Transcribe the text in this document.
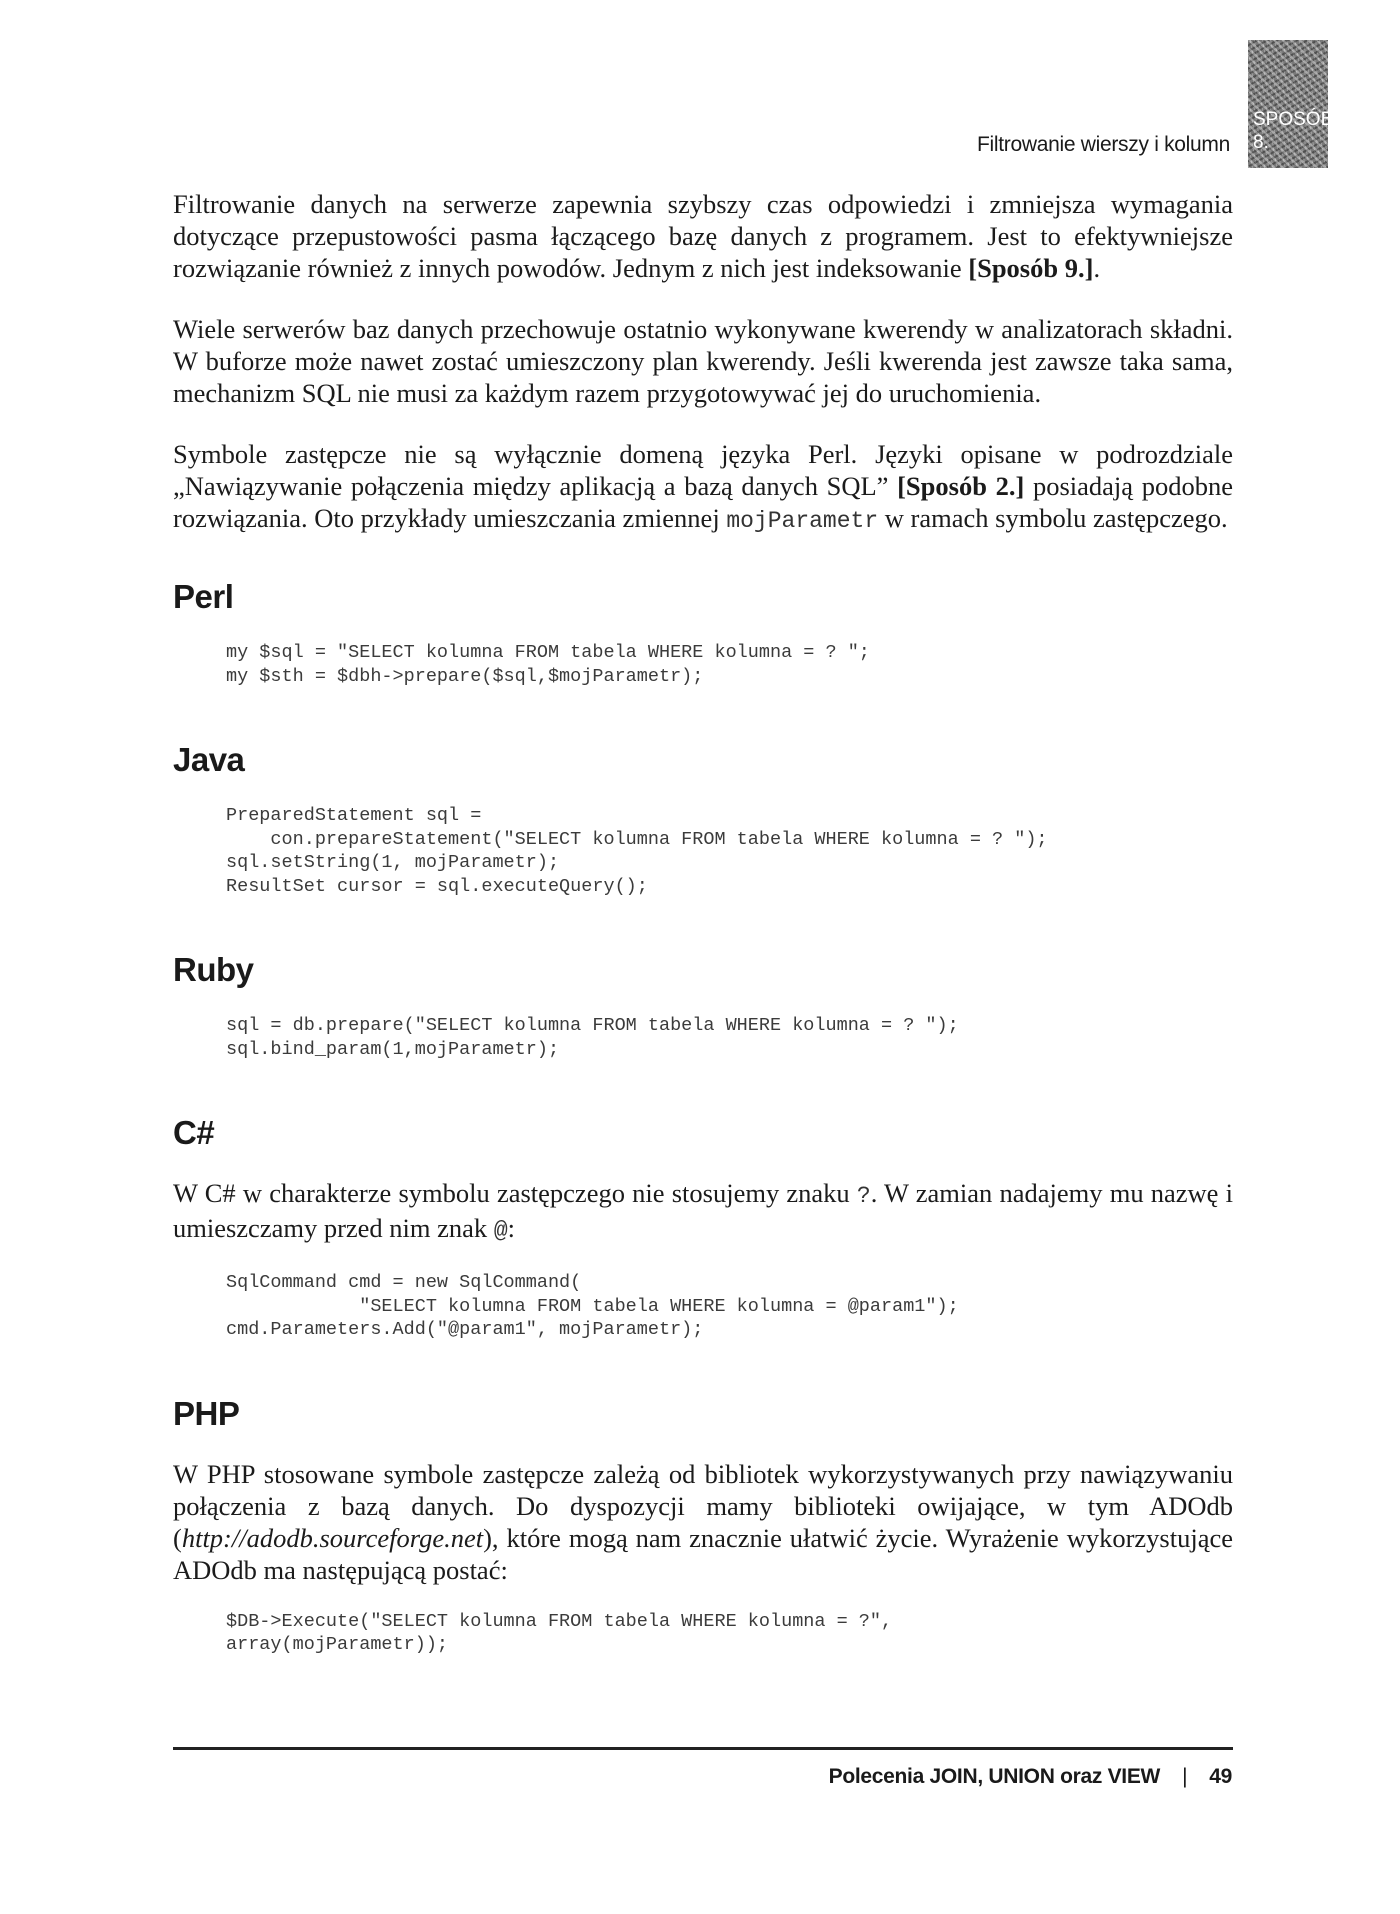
Filtrowanie wierszy i kolumn
SPOSÓB
8.

Filtrowanie danych na serwerze zapewnia szybszy czas odpowiedzi i zmniejsza wymagania dotyczące przepustowości pasma łączącego bazę danych z programem. Jest to efektywniejsze rozwiązanie również z innych powodów. Jednym z nich jest indeksowanie [Sposób 9.].

Wiele serwerów baz danych przechowuje ostatnio wykonywane kwerendy w analizatorach składni. W buforze może nawet zostać umieszczony plan kwerendy. Jeśli kwerenda jest zawsze taka sama, mechanizm SQL nie musi za każdym razem przygotowywać jej do uruchomienia.

Symbole zastępcze nie są wyłącznie domeną języka Perl. Języki opisane w podrozdziale „Nawiązywanie połączenia między aplikacją a bazą danych SQL” [Sposób 2.] posiadają podobne rozwiązania. Oto przykłady umieszczania zmiennej mojParametr w ramach symbolu zastępczego.

Perl
my $sql = "SELECT kolumna FROM tabela WHERE kolumna = ? ";
my $sth = $dbh->prepare($sql,$mojParametr);
Java
PreparedStatement sql =
con.prepareStatement("SELECT kolumna FROM tabela WHERE kolumna = ? ");
sql.setString(1, mojParametr);
ResultSet cursor = sql.executeQuery();
Ruby
sql = db.prepare("SELECT kolumna FROM tabela WHERE kolumna = ? ");
sql.bind_param(1,mojParametr);
C#

W C# w charakterze symbolu zastępczego nie stosujemy znaku ?. W zamian nadajemy mu nazwę i umieszczamy przed nim znak @:

SqlCommand cmd = new SqlCommand(
"SELECT kolumna FROM tabela WHERE kolumna = @param1");
cmd.Parameters.Add("@param1", mojParametr);
PHP

W PHP stosowane symbole zastępcze zależą od bibliotek wykorzystywanych przy nawiązywaniu połączenia z bazą danych. Do dyspozycji mamy biblioteki owijające, w tym ADOdb (http://adodb.sourceforge.net), które mogą nam znacznie ułatwić życie. Wyrażenie wykorzystujące ADOdb ma następującą postać:

$DB->Execute("SELECT kolumna FROM tabela WHERE kolumna = ?",
array(mojParametr));
Polecenia JOIN, UNION oraz VIEW | 49
